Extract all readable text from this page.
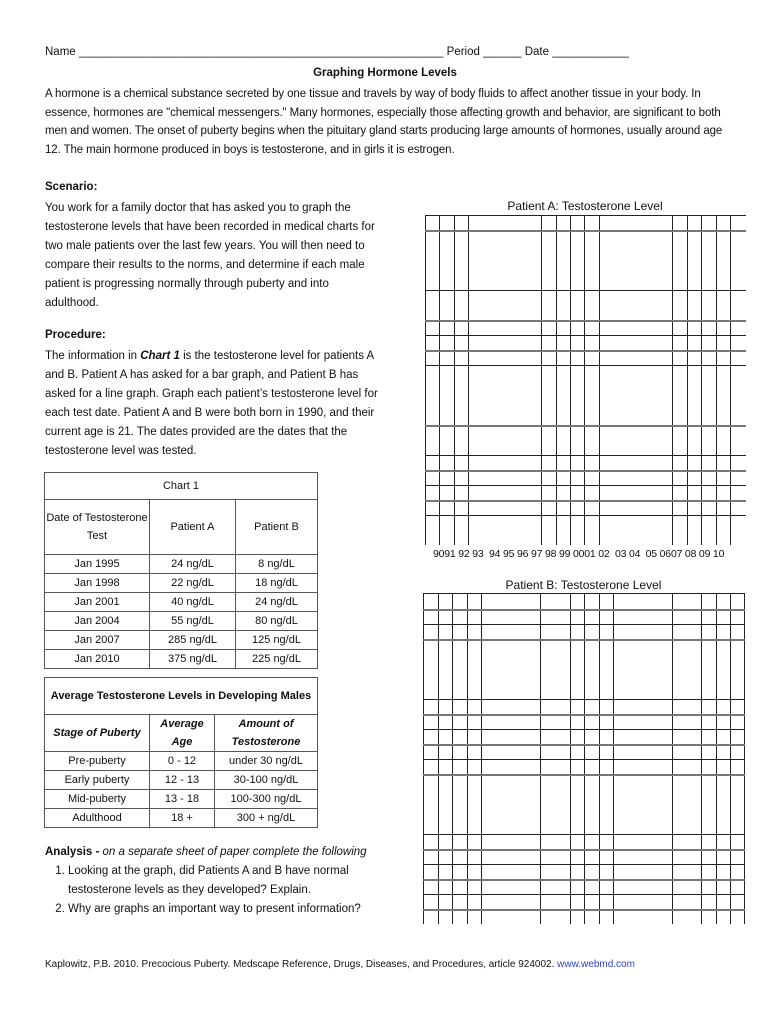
Name _________________________________________________________ Period ______ Date ____________
Graphing Hormone Levels
A hormone is a chemical substance secreted by one tissue and travels by way of body fluids to affect another tissue in your body. In essence, hormones are "chemical messengers." Many hormones, especially those affecting growth and behavior, are significant to both men and women. The onset of puberty begins when the pituitary gland starts producing large amounts of hormones, usually around age 12. The main hormone produced in boys is testosterone, and in girls it is estrogen.
Scenario:
You work for a family doctor that has asked you to graph the testosterone levels that have been recorded in medical charts for two male patients over the last few years. You will then need to compare their results to the norms, and determine if each male patient is progressing normally through puberty and into adulthood.
Procedure:
The information in Chart 1 is the testosterone level for patients A and B. Patient A has asked for a bar graph, and Patient B has asked for a line graph. Graph each patient’s testosterone level for each test date. Patient A and B were both born in 1990, and their current age is 21. The dates provided are the dates that the testosterone level was tested.
Chart 1		
Date of Testosterone Test	Patient A	Patient B
Jan 1995	24 ng/dL	8 ng/dL
Jan 1998	22 ng/dL	18 ng/dL
Jan 2001	40 ng/dL	24 ng/dL
Jan 2004	55 ng/dL	80 ng/dL
Jan 2007	285 ng/dL	125 ng/dL
Jan 2010	375 ng/dL	225 ng/dL
Average Testosterone Levels in Developing Males		
Stage of Puberty	Average Age	Amount of Testosterone
Pre-puberty	0 - 12	under 30 ng/dL
Early puberty	12 - 13	30-100 ng/dL
Mid-puberty	13 - 18	100-300 ng/dL
Adulthood	18 +	300 + ng/dL
Analysis - on a separate sheet of paper complete the following
1. Looking at the graph, did Patients A and B have normal testosterone levels as they developed? Explain.
2. Why are graphs an important way to present information?
Kaplowitz, P.B. 2010. Precocious Puberty. Medscape Reference, Drugs, Diseases, and Procedures, article 924002. www.webmd.com
Patient A: Testosterone Level
9091 92 93  94 95 96 97 98 99 0001 02  03 04  05 0607 08 09 10
Patient B: Testosterone Level
